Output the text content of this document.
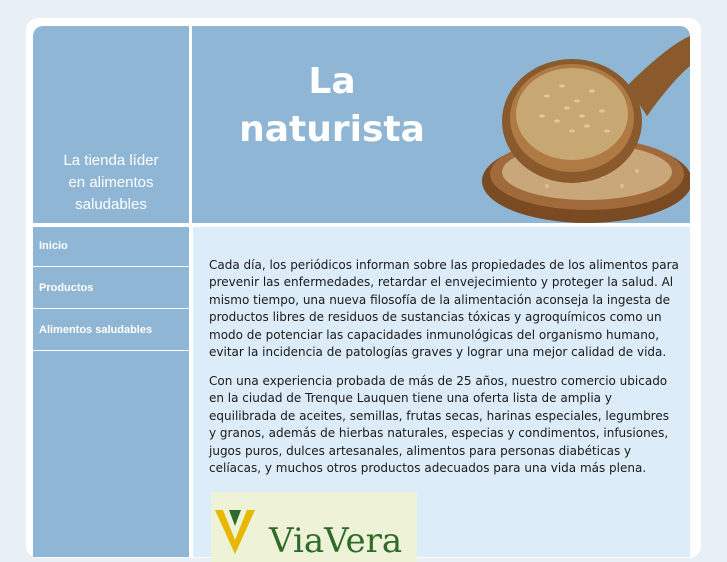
La tienda líder
en alimentos
saludables
La
naturista
Inicio
Productos
Alimentos saludables

Cada día, los periódicos informan sobre las propiedades de los alimentos para prevenir las enfermedades, retardar el envejecimiento y proteger la salud. Al mismo tiempo, una nueva filosofía de la alimentación aconseja la ingesta de productos libres de residuos de sustancias tóxicas y agroquímicos como un modo de potenciar las capacidades inmunológicas del organismo humano, evitar la incidencia de patologías graves y lograr una mejor calidad de vida.

Con una experiencia probada de más de 25 años, nuestro comercio ubicado en la ciudad de Trenque Lauquen tiene una oferta lista de amplia y equilibrada de aceites, semillas, frutas secas, harinas especiales, legumbres y granos, además de hierbas naturales, especias y condimentos, infusiones, jugos puros, dulces artesanales, alimentos para personas diabéticas y celíacas, y muchos otros productos adecuados para una vida más plena.

ViaVera
